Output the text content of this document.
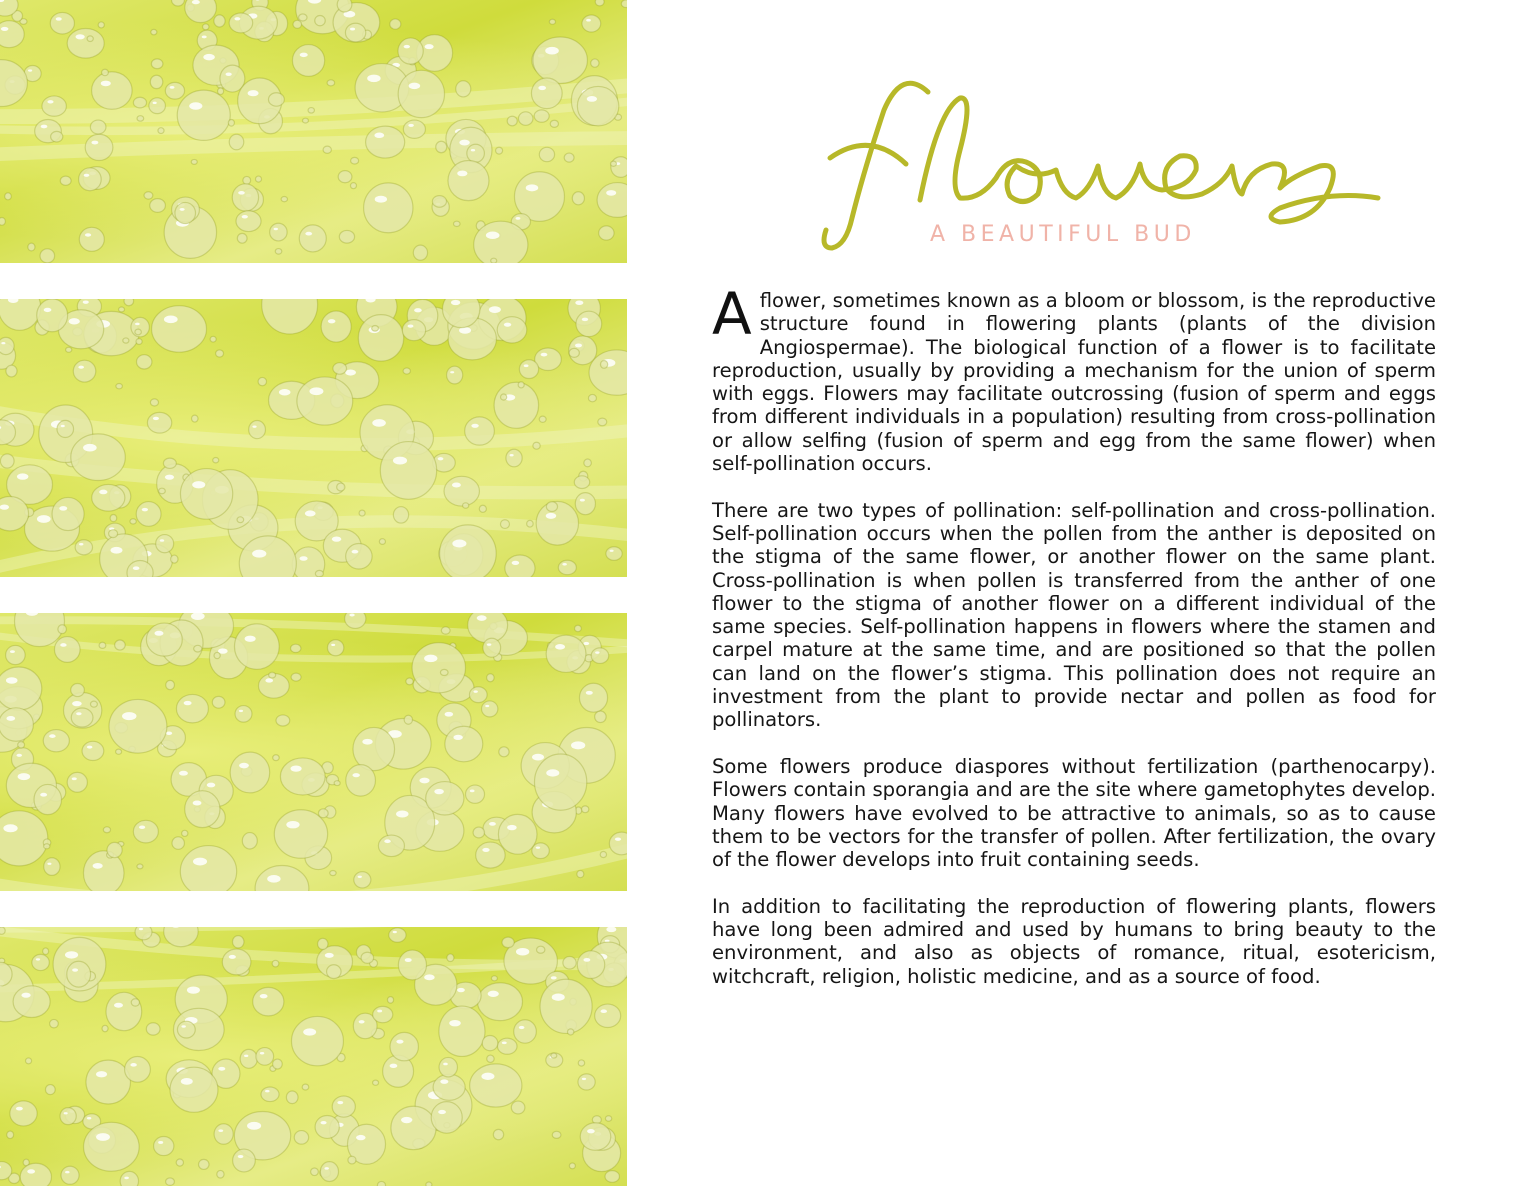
A BEAUTIFUL BUD

A flower, sometimes known as a bloom or blossom, is the reproductive structure found in flowering plants (plants of the division Angiospermae). The biological function of a flower is to facilitate reproduction, usually by providing a mechanism for the union of sperm with eggs. Flowers may facilitate outcrossing (fusion of sperm and eggs from different individuals in a population) resulting from cross-pollination or allow selfing (fusion of sperm and egg from the same flower) when self-pollination occurs.

There are two types of pollination: self-pollination and cross-pollination. Self-pollination occurs when the pollen from the anther is deposited on the stigma of the same flower, or another flower on the same plant. Cross-pollination is when pollen is transferred from the anther of one flower to the stigma of another flower on a different individual of the same species. Self-pollination happens in flowers where the stamen and carpel mature at the same time, and are positioned so that the pollen can land on the flower’s stigma. This pollination does not require an investment from the plant to provide nectar and pollen as food for pollinators.

Some flowers produce diaspores without fertilization (parthenocarpy). Flowers contain sporangia and are the site where gametophytes develop. Many flowers have evolved to be attractive to animals, so as to cause them to be vectors for the transfer of pollen. After fertilization, the ovary of the flower develops into fruit containing seeds.

In addition to facilitating the reproduction of flowering plants, flowers have long been admired and used by humans to bring beauty to the environment, and also as objects of romance, ritual, esotericism, witchcraft, religion, holistic medicine, and as a source of food.
